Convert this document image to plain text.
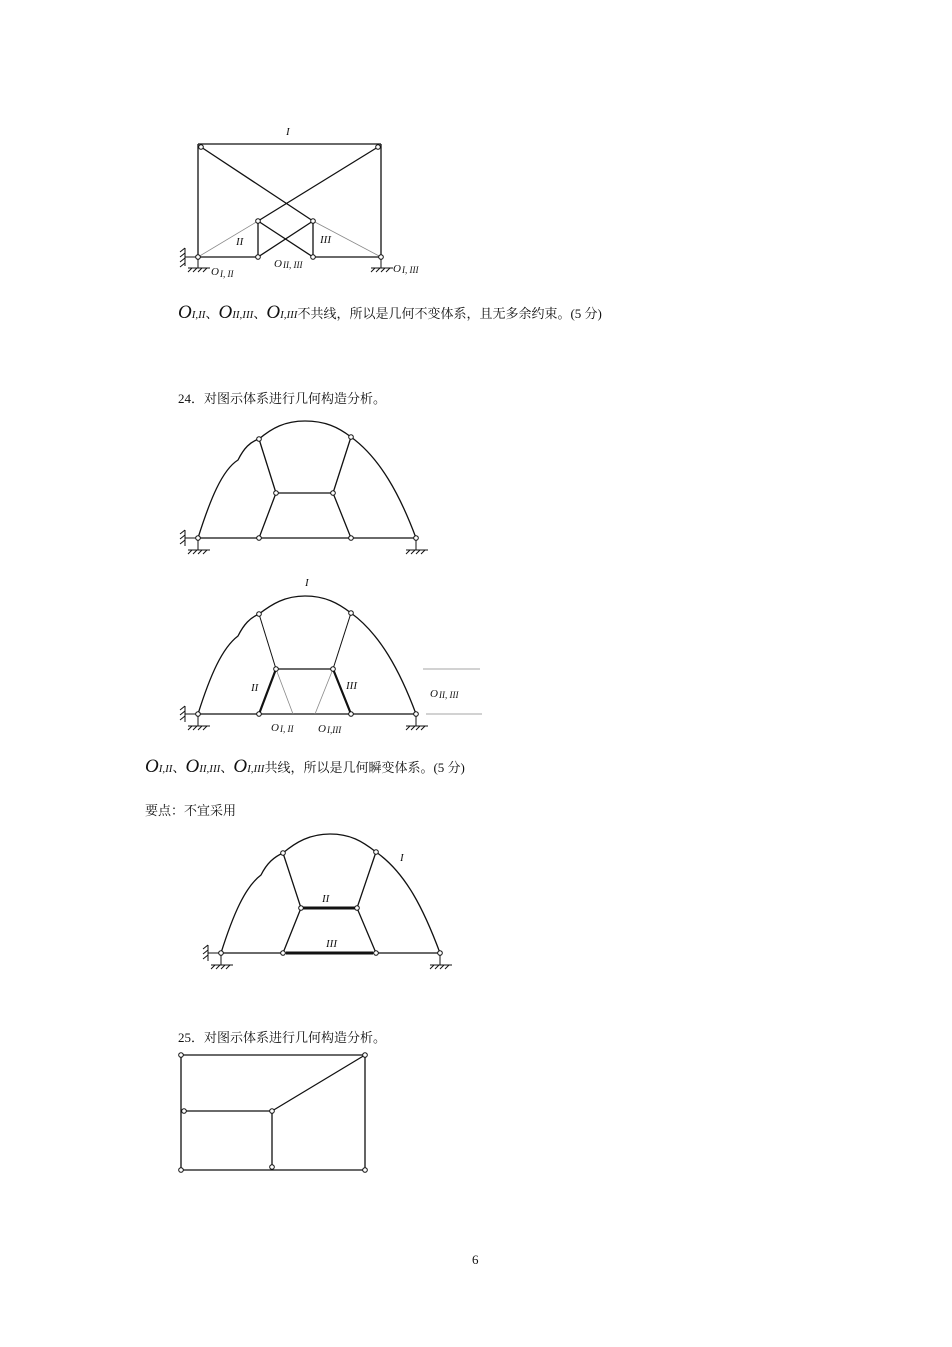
I
II	III
OI, II
OII, III	OI, III
OI,II、OII,III、OI,III不共线，所以是几何不变体系，且无多余约束。(5 分)
24．对图示体系进行几何构造分析。
I
II	III
OI, II OI,III
OII, III
OI,II、OII,III、OI,III共线，所以是几何瞬变体系。(5 分)
要点：不宜采用
I
II
III
25．对图示体系进行几何构造分析。
6
